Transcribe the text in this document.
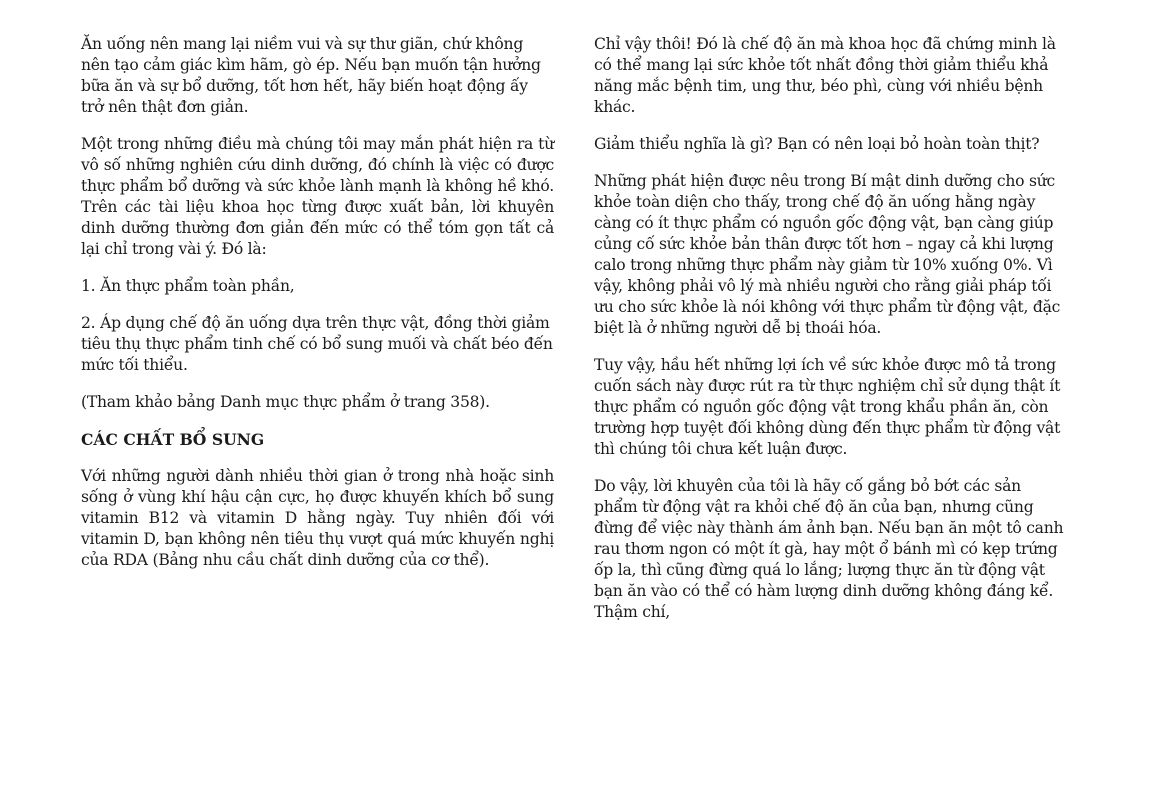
Ăn uống nên mang lại niềm vui và sự thư giãn, chứ không nên tạo cảm giác kìm hãm, gò ép. Nếu bạn muốn tận hưởng bữa ăn và sự bổ dưỡng, tốt hơn hết, hãy biến hoạt động ấy trở nên thật đơn giản.

Một trong những điều mà chúng tôi may mắn phát hiện ra từ vô số những nghiên cứu dinh dưỡng, đó chính là việc có được thực phẩm bổ dưỡng và sức khỏe lành mạnh là không hề khó. Trên các tài liệu khoa học từng được xuất bản, lời khuyên dinh dưỡng thường đơn giản đến mức có thể tóm gọn tất cả lại chỉ trong vài ý. Đó là:

1. Ăn thực phẩm toàn phần,

2. Áp dụng chế độ ăn uống dựa trên thực vật, đồng thời giảm tiêu thụ thực phẩm tinh chế có bổ sung muối và chất béo đến mức tối thiểu.

(Tham khảo bảng Danh mục thực phẩm ở trang 358).

CÁC CHẤT BỔ SUNG

Với những người dành nhiều thời gian ở trong nhà hoặc sinh sống ở vùng khí hậu cận cực, họ được khuyến khích bổ sung vitamin B12 và vitamin D hằng ngày. Tuy nhiên đối với vitamin D, bạn không nên tiêu thụ vượt quá mức khuyến nghị của RDA (Bảng nhu cầu chất dinh dưỡng của cơ thể).

Chỉ vậy thôi! Đó là chế độ ăn mà khoa học đã chứng minh là có thể mang lại sức khỏe tốt nhất đồng thời giảm thiểu khả năng mắc bệnh tim, ung thư, béo phì, cùng với nhiều bệnh khác.

Giảm thiểu nghĩa là gì? Bạn có nên loại bỏ hoàn toàn thịt?

Những phát hiện được nêu trong Bí mật dinh dưỡng cho sức khỏe toàn diện cho thấy, trong chế độ ăn uống hằng ngày càng có ít thực phẩm có nguồn gốc động vật, bạn càng giúp củng cố sức khỏe bản thân được tốt hơn – ngay cả khi lượng calo trong những thực phẩm này giảm từ 10% xuống 0%. Vì vậy, không phải vô lý mà nhiều người cho rằng giải pháp tối ưu cho sức khỏe là nói không với thực phẩm từ động vật, đặc biệt là ở những người dễ bị thoái hóa.

Tuy vậy, hầu hết những lợi ích về sức khỏe được mô tả trong cuốn sách này được rút ra từ thực nghiệm chỉ sử dụng thật ít thực phẩm có nguồn gốc động vật trong khẩu phần ăn, còn trường hợp tuyệt đối không dùng đến thực phẩm từ động vật thì chúng tôi chưa kết luận được.

Do vậy, lời khuyên của tôi là hãy cố gắng bỏ bớt các sản phẩm từ động vật ra khỏi chế độ ăn của bạn, nhưng cũng đừng để việc này thành ám ảnh bạn. Nếu bạn ăn một tô canh rau thơm ngon có một ít gà, hay một ổ bánh mì có kẹp trứng ốp la, thì cũng đừng quá lo lắng; lượng thực ăn từ động vật bạn ăn vào có thể có hàm lượng dinh dưỡng không đáng kể. Thậm chí,
